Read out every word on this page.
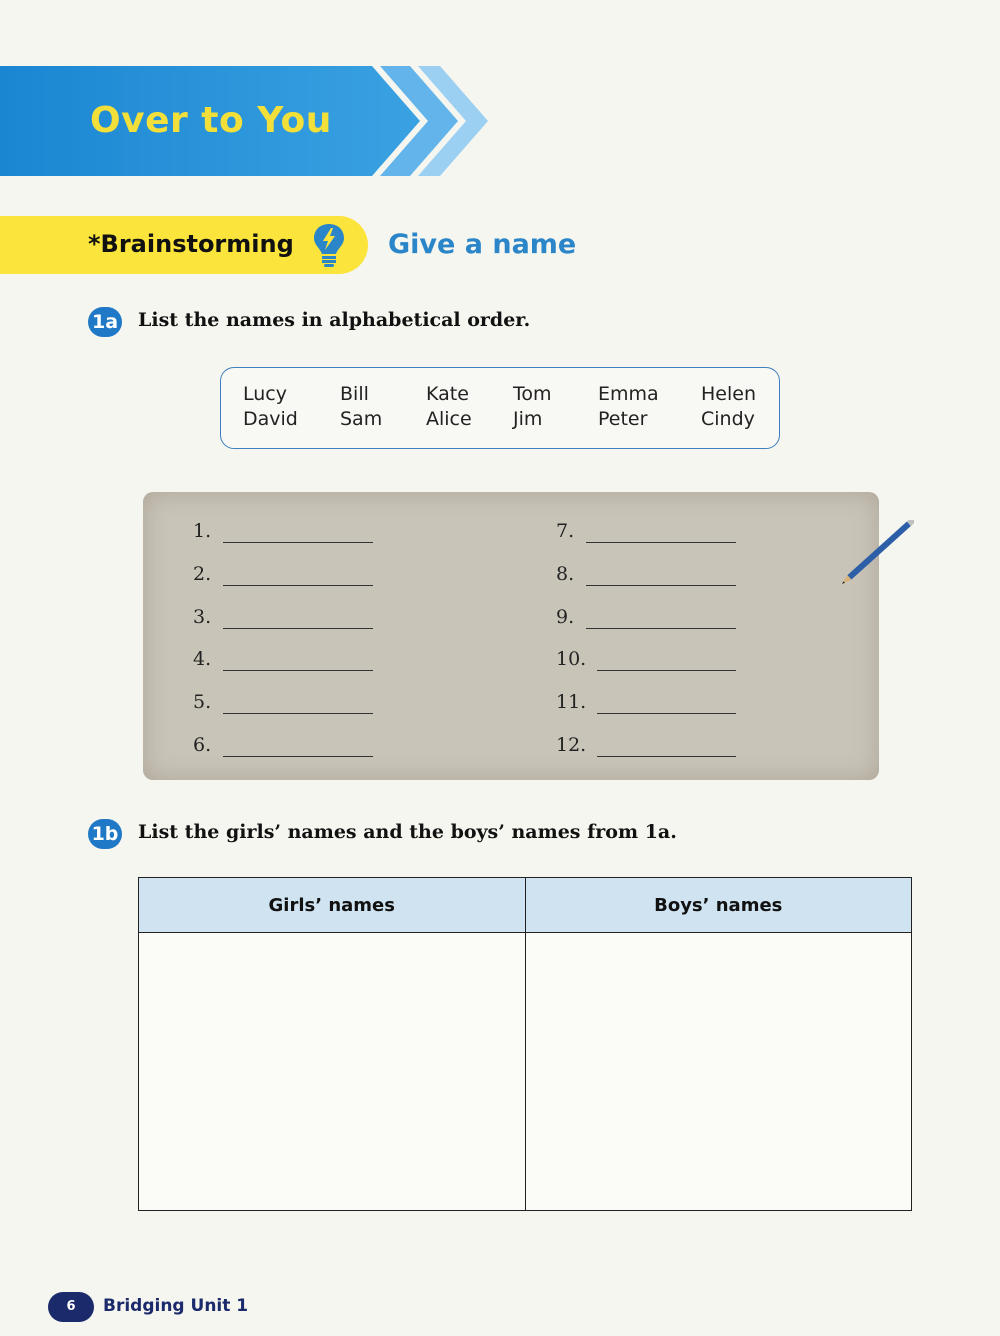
Over to You
*Brainstorming	Give a name
1a List the names in alphabetical order.
Lucy
David
Bill
Sam
Kate
Alice
Tom
Jim
Emma
Peter
Helen
Cindy
1.
2.
3.
4.
5.
6.
7.
8.
9.
10.
11.
12.
1b List the girls’ names and the boys’ names from 1a.
Girls’ names	Boys’ names

6	Bridging Unit 1
